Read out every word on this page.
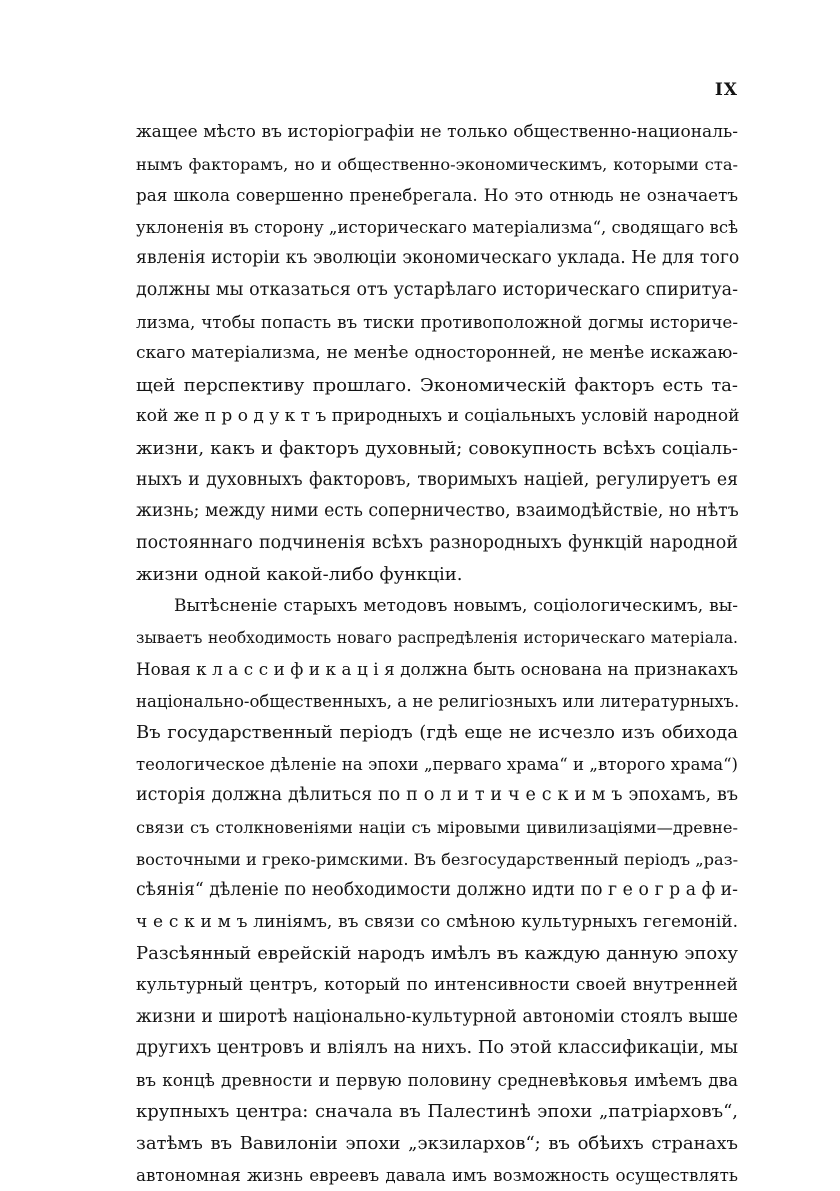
IX
жащее мѣсто въ исторіографіи не только общественно-националь-
нымъ факторамъ, но и общественно-экономическимъ, которыми ста-
рая школа совершенно пренебрегала. Но это отнюдь не означаетъ
уклоненія въ сторону „историческаго матеріализма“, сводящаго всѣ
явленія исторіи къ эволюціи экономическаго уклада. Не для того
должны мы отказаться отъ устарѣлаго историческаго спиритуа-
лизма, чтобы попасть въ тиски противоположной догмы историче-
скаго матеріализма, не менѣе односторонней, не менѣе искажаю-
щей перспективу прошлаго. Экономическій факторъ есть та-
кой же п р о д у к т ъ природныхъ и соціальныхъ условій народной
жизни, какъ и факторъ духовный; совокупность всѣхъ соціаль-
ныхъ и духовныхъ факторовъ, творимыхъ націей, регулируетъ ея
жизнь; между ними есть соперничество, взаимодѣйствіе, но нѣтъ
постояннаго подчиненія всѣхъ разнородныхъ функцій народной
жизни одной какой-либо функціи.
Вытѣсненіе старыхъ методовъ новымъ, соціологическимъ, вы-
зываетъ необходимость новаго распредѣленія историческаго матеріала.
Новая к л а с с и ф и к а ц і я должна быть основана на признакахъ
національно-общественныхъ, а не религіозныхъ или литературныхъ.
Въ государственный періодъ (гдѣ еще не исчезло изъ обихода
теологическое дѣленіе на эпохи „перваго храма“ и „второго храма“)
исторія должна дѣлиться по п о л и т и ч е с к и м ъ эпохамъ, въ
связи съ столкновеніями націи съ міровыми цивилизаціями—древне-
восточными и греко-римскими. Въ безгосударственный періодъ „раз-
сѣянія“ дѣленіе по необходимости должно идти по г е о г р а ф и-
ч е с к и м ъ линіямъ, въ связи со смѣною культурныхъ гегемоній.
Разсѣянный еврейскій народъ имѣлъ въ каждую данную эпоху
культурный центръ, который по интенсивности своей внутренней
жизни и широтѣ національно-культурной автономіи стоялъ выше
другихъ центровъ и вліялъ на нихъ. По этой классификаціи, мы
въ концѣ древности и первую половину средневѣковья имѣемъ два
крупныхъ центра: сначала въ Палестинѣ эпохи „патріарховъ“,
затѣмъ въ Вавилоніи эпохи „экзилархов“; въ обѣихъ странахъ
автономная жизнь евреевъ давала имъ возможность осуществлять
